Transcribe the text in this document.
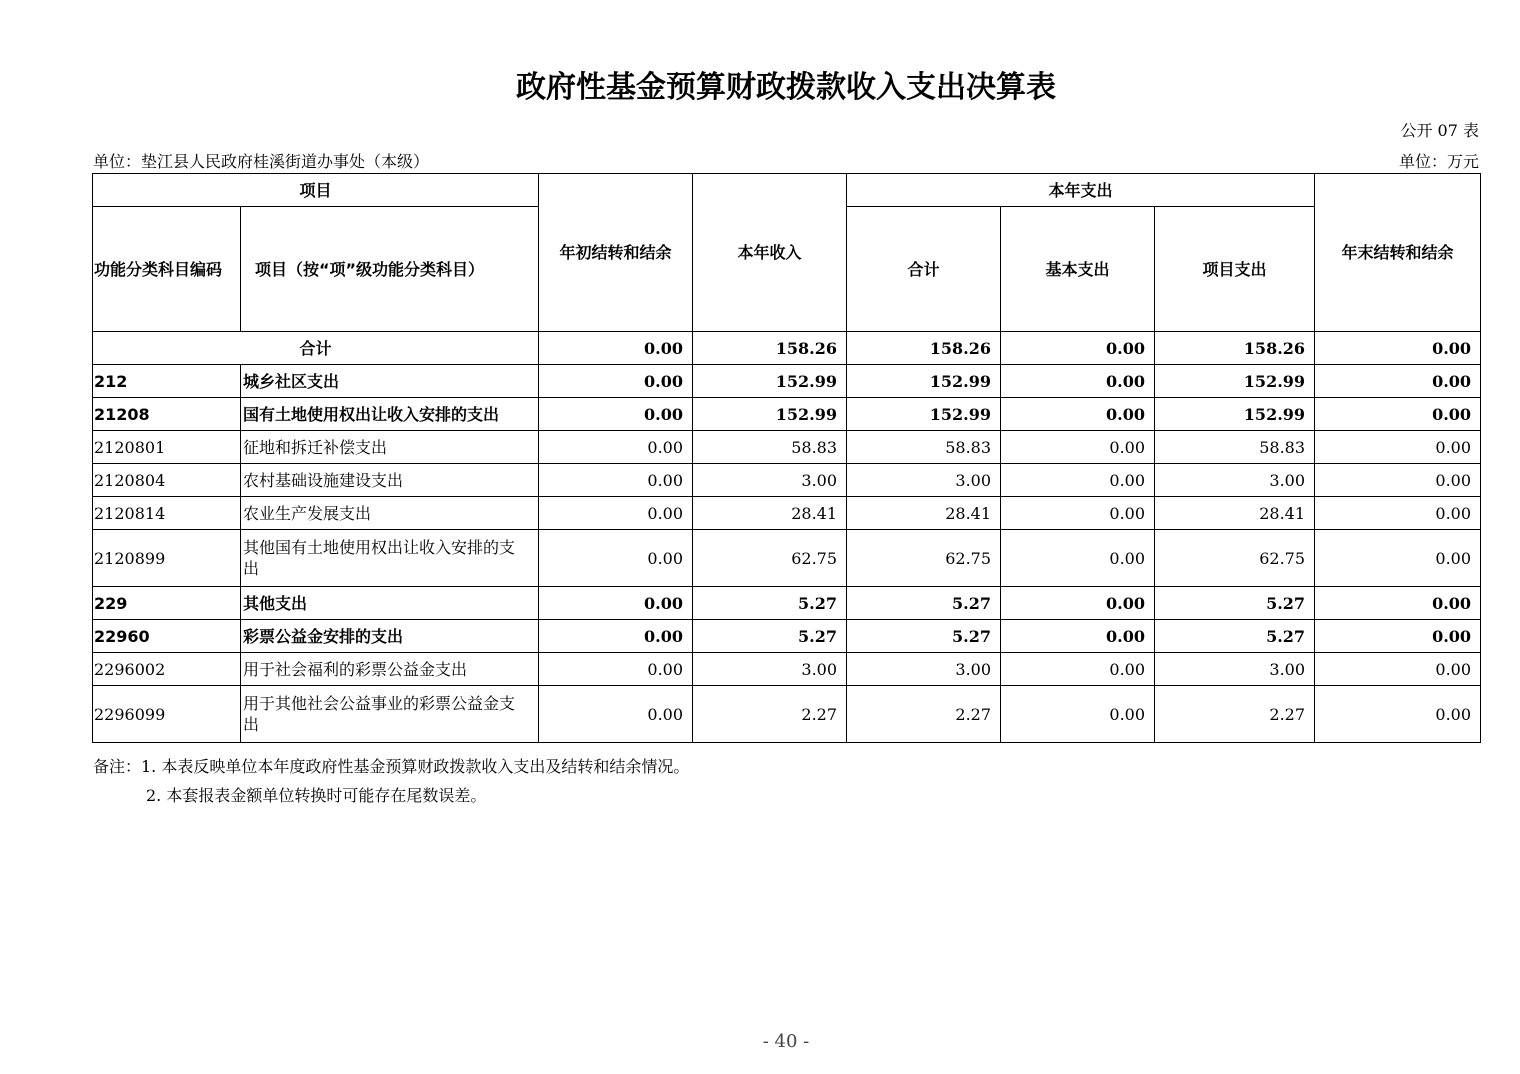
政府性基金预算财政拨款收入支出决算表
公开 07 表
单位：垫江县人民政府桂溪街道办事处（本级）	单位：万元
项目		年初结转和结余	本年收入	本年支出			年末结转和结余
功能分类科目编码	项目（按“项”级功能分类科目）			合计	基本支出	项目支出	
合计		0.00	158.26	158.26	0.00	158.26	0.00
212	城乡社区支出	0.00	152.99	152.99	0.00	152.99	0.00
21208	国有土地使用权出让收入安排的支出	0.00	152.99	152.99	0.00	152.99	0.00
2120801	征地和拆迁补偿支出	0.00	58.83	58.83	0.00	58.83	0.00
2120804	农村基础设施建设支出	0.00	3.00	3.00	0.00	3.00	0.00
2120814	农业生产发展支出	0.00	28.41	28.41	0.00	28.41	0.00
2120899	其他国有土地使用权出让收入安排的支出	0.00	62.75	62.75	0.00	62.75	0.00
229	其他支出	0.00	5.27	5.27	0.00	5.27	0.00
22960	彩票公益金安排的支出	0.00	5.27	5.27	0.00	5.27	0.00
2296002	用于社会福利的彩票公益金支出	0.00	3.00	3.00	0.00	3.00	0.00
2296099	用于其他社会公益事业的彩票公益金支出	0.00	2.27	2.27	0.00	2.27	0.00
备注：1. 本表反映单位本年度政府性基金预算财政拨款收入支出及结转和结余情况。
2. 本套报表金额单位转换时可能存在尾数误差。
- 40 -
